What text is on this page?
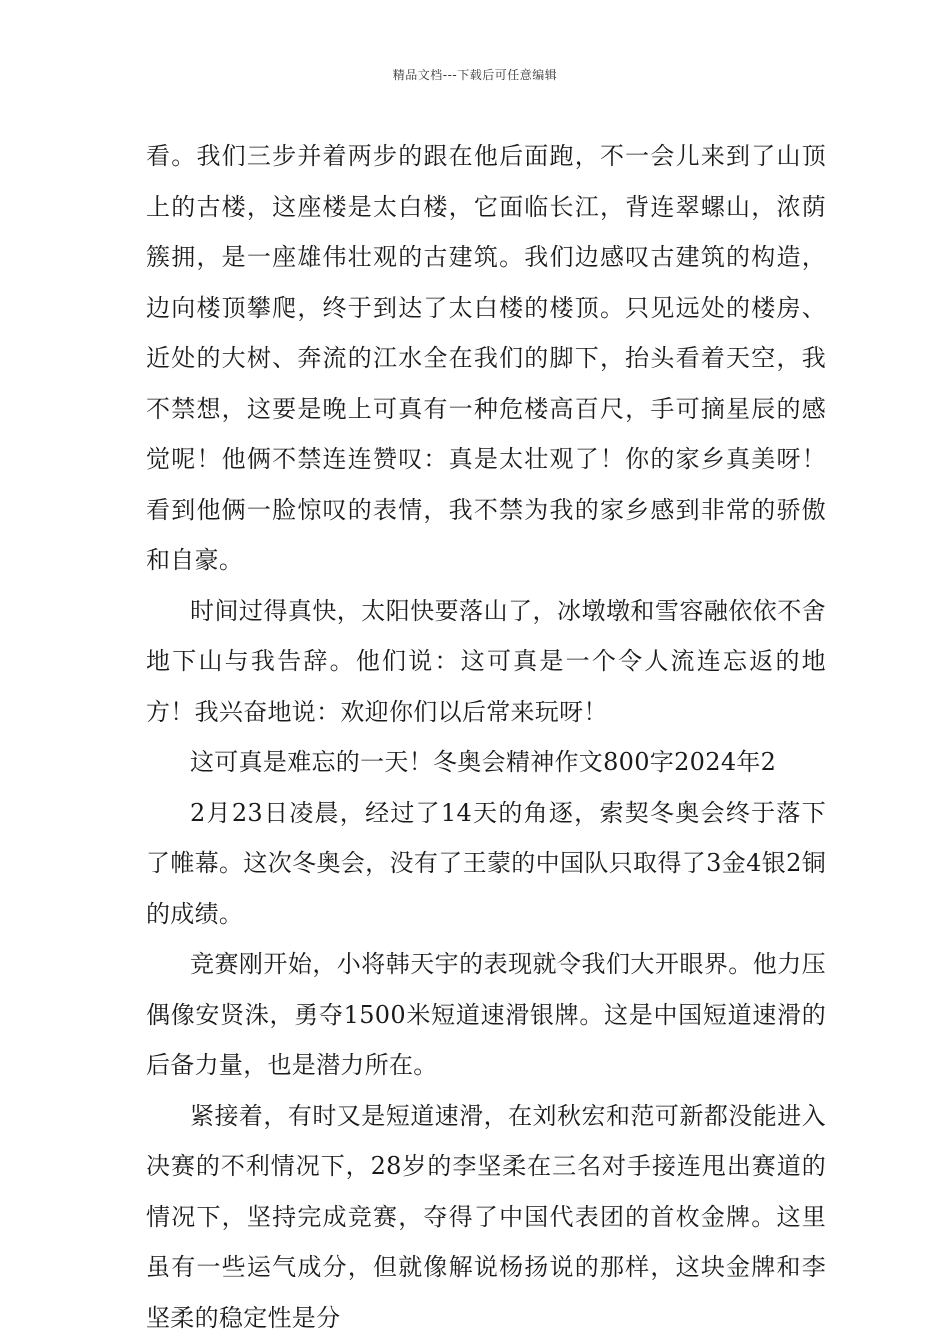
精品文档---下载后可任意编辑

看。我们三步并着两步的跟在他后面跑，不一会儿来到了山顶上的古楼，这座楼是太白楼，它面临长江，背连翠螺山，浓荫簇拥，是一座雄伟壮观的古建筑。我们边感叹古建筑的构造，边向楼顶攀爬，终于到达了太白楼的楼顶。只见远处的楼房、近处的大树、奔流的江水全在我们的脚下，抬头看着天空，我不禁想，这要是晚上可真有一种危楼高百尺，手可摘星辰的感觉呢！他俩不禁连连赞叹：真是太壮观了！你的家乡真美呀！看到他俩一脸惊叹的表情，我不禁为我的家乡感到非常的骄傲和自豪。

时间过得真快，太阳快要落山了，冰墩墩和雪容融依依不舍地下山与我告辞。他们说：这可真是一个令人流连忘返的地方！我兴奋地说：欢迎你们以后常来玩呀！

这可真是难忘的一天！冬奥会精神作文800字2024年2

2月23日凌晨，经过了14天的角逐，索契冬奥会终于落下了帷幕。这次冬奥会，没有了王蒙的中国队只取得了3金4银2铜的成绩。

竞赛刚开始，小将韩天宇的表现就令我们大开眼界。他力压偶像安贤洙，勇夺1500米短道速滑银牌。这是中国短道速滑的后备力量，也是潜力所在。

紧接着，有时又是短道速滑，在刘秋宏和范可新都没能进入决赛的不利情况下，28岁的李坚柔在三名对手接连甩出赛道的情况下，坚持完成竞赛，夺得了中国代表团的首枚金牌。这里虽有一些运气成分，但就像解说杨扬说的那样，这块金牌和李坚柔的稳定性是分
